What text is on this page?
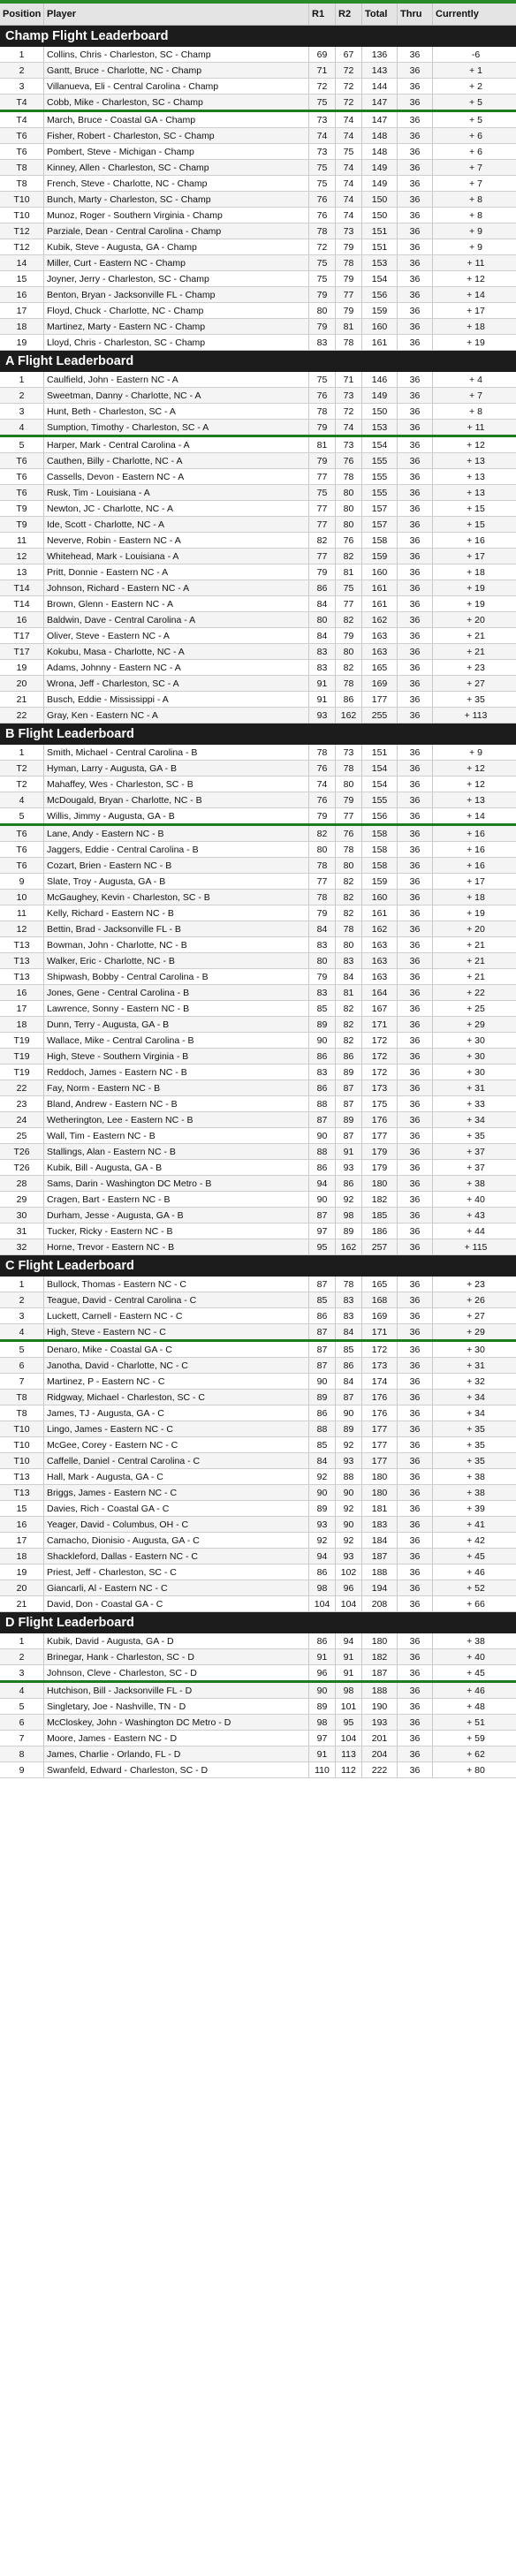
Position Player	R1	R2	Total	Thru	Currently
Champ Flight Leaderboard
1	Collins, Chris - Charleston, SC - Champ	69	67	136	36	-6
2	Gantt, Bruce - Charlotte, NC - Champ	71	72	143	36	+ 1
3	Villanueva, Eli - Central Carolina - Champ	72	72	144	36	+ 2
T4	Cobb, Mike - Charleston, SC - Champ	75	72	147	36	+ 5
T4	March, Bruce - Coastal GA - Champ	73	74	147	36	+ 5
T6	Fisher, Robert - Charleston, SC - Champ	74	74	148	36	+ 6
T6	Pombert, Steve - Michigan - Champ	73	75	148	36	+ 6
T8	Kinney, Allen - Charleston, SC - Champ	75	74	149	36	+ 7
T8	French, Steve - Charlotte, NC - Champ	75	74	149	36	+ 7
T10	Bunch, Marty - Charleston, SC - Champ	76	74	150	36	+ 8
T10	Munoz, Roger - Southern Virginia - Champ	76	74	150	36	+ 8
T12	Parziale, Dean - Central Carolina - Champ	78	73	151	36	+ 9
T12	Kubik, Steve - Augusta, GA - Champ	72	79	151	36	+ 9
14	Miller, Curt - Eastern NC - Champ	75	78	153	36	+ 11
15	Joyner, Jerry - Charleston, SC - Champ	75	79	154	36	+ 12
16	Benton, Bryan - Jacksonville FL - Champ	79	77	156	36	+ 14
17	Floyd, Chuck - Charlotte, NC - Champ	80	79	159	36	+ 17
18	Martinez, Marty - Eastern NC - Champ	79	81	160	36	+ 18
19	Lloyd, Chris - Charleston, SC - Champ	83	78	161	36	+ 19
A Flight Leaderboard
1	Caulfield, John - Eastern NC - A	75	71	146	36	+ 4
2	Sweetman, Danny - Charlotte, NC - A	76	73	149	36	+ 7
3	Hunt, Beth - Charleston, SC - A	78	72	150	36	+ 8
4	Sumption, Timothy - Charleston, SC - A	79	74	153	36	+ 11
5	Harper, Mark - Central Carolina - A	81	73	154	36	+ 12
T6	Cauthen, Billy - Charlotte, NC - A	79	76	155	36	+ 13
T6	Cassells, Devon - Eastern NC - A	77	78	155	36	+ 13
T6	Rusk, Tim - Louisiana - A	75	80	155	36	+ 13
T9	Newton, JC - Charlotte, NC - A	77	80	157	36	+ 15
T9	Ide, Scott - Charlotte, NC - A	77	80	157	36	+ 15
11	Neverve, Robin - Eastern NC - A	82	76	158	36	+ 16
12	Whitehead, Mark - Louisiana - A	77	82	159	36	+ 17
13	Pritt, Donnie - Eastern NC - A	79	81	160	36	+ 18
T14	Johnson, Richard - Eastern NC - A	86	75	161	36	+ 19
T14	Brown, Glenn - Eastern NC - A	84	77	161	36	+ 19
16	Baldwin, Dave - Central Carolina - A	80	82	162	36	+ 20
T17	Oliver, Steve - Eastern NC - A	84	79	163	36	+ 21
T17	Kokubu, Masa - Charlotte, NC - A	83	80	163	36	+ 21
19	Adams, Johnny - Eastern NC - A	83	82	165	36	+ 23
20	Wrona, Jeff - Charleston, SC - A	91	78	169	36	+ 27
21	Busch, Eddie - Mississippi - A	91	86	177	36	+ 35
22	Gray, Ken - Eastern NC - A	93	162	255	36	+ 113
B Flight Leaderboard
1	Smith, Michael - Central Carolina - B	78	73	151	36	+ 9
T2	Hyman, Larry - Augusta, GA - B	76	78	154	36	+ 12
T2	Mahaffey, Wes - Charleston, SC - B	74	80	154	36	+ 12
4	McDougald, Bryan - Charlotte, NC - B	76	79	155	36	+ 13
5	Willis, Jimmy - Augusta, GA - B	79	77	156	36	+ 14
T6	Lane, Andy - Eastern NC - B	82	76	158	36	+ 16
T6	Jaggers, Eddie - Central Carolina - B	80	78	158	36	+ 16
T6	Cozart, Brien - Eastern NC - B	78	80	158	36	+ 16
9	Slate, Troy - Augusta, GA - B	77	82	159	36	+ 17
10	McGaughey, Kevin - Charleston, SC - B	78	82	160	36	+ 18
11	Kelly, Richard - Eastern NC - B	79	82	161	36	+ 19
12	Bettin, Brad - Jacksonville FL - B	84	78	162	36	+ 20
T13	Bowman, John - Charlotte, NC - B	83	80	163	36	+ 21
T13	Walker, Eric - Charlotte, NC - B	80	83	163	36	+ 21
T13	Shipwash, Bobby - Central Carolina - B	79	84	163	36	+ 21
16	Jones, Gene - Central Carolina - B	83	81	164	36	+ 22
17	Lawrence, Sonny - Eastern NC - B	85	82	167	36	+ 25
18	Dunn, Terry - Augusta, GA - B	89	82	171	36	+ 29
T19	Wallace, Mike - Central Carolina - B	90	82	172	36	+ 30
T19	High, Steve - Southern Virginia - B	86	86	172	36	+ 30
T19	Reddoch, James - Eastern NC - B	83	89	172	36	+ 30
22	Fay, Norm - Eastern NC - B	86	87	173	36	+ 31
23	Bland, Andrew - Eastern NC - B	88	87	175	36	+ 33
24	Wetherington, Lee - Eastern NC - B	87	89	176	36	+ 34
25	Wall, Tim - Eastern NC - B	90	87	177	36	+ 35
T26	Stallings, Alan - Eastern NC - B	88	91	179	36	+ 37
T26	Kubik, Bill - Augusta, GA - B	86	93	179	36	+ 37
28	Sams, Darin - Washington DC Metro - B	94	86	180	36	+ 38
29	Cragen, Bart - Eastern NC - B	90	92	182	36	+ 40
30	Durham, Jesse - Augusta, GA - B	87	98	185	36	+ 43
31	Tucker, Ricky - Eastern NC - B	97	89	186	36	+ 44
32	Horne, Trevor - Eastern NC - B	95	162	257	36	+ 115
C Flight Leaderboard
1	Bullock, Thomas - Eastern NC - C	87	78	165	36	+ 23
2	Teague, David - Central Carolina - C	85	83	168	36	+ 26
3	Luckett, Carnell - Eastern NC - C	86	83	169	36	+ 27
4	High, Steve - Eastern NC - C	87	84	171	36	+ 29
5	Denaro, Mike - Coastal GA - C	87	85	172	36	+ 30
6	Janotha, David - Charlotte, NC - C	87	86	173	36	+ 31
7	Martinez, P - Eastern NC - C	90	84	174	36	+ 32
T8	Ridgway, Michael - Charleston, SC - C	89	87	176	36	+ 34
T8	James, TJ - Augusta, GA - C	86	90	176	36	+ 34
T10	Lingo, James - Eastern NC - C	88	89	177	36	+ 35
T10	McGee, Corey - Eastern NC - C	85	92	177	36	+ 35
T10	Caffelle, Daniel - Central Carolina - C	84	93	177	36	+ 35
T13	Hall, Mark - Augusta, GA - C	92	88	180	36	+ 38
T13	Briggs, James - Eastern NC - C	90	90	180	36	+ 38
15	Davies, Rich - Coastal GA - C	89	92	181	36	+ 39
16	Yeager, David - Columbus, OH - C	93	90	183	36	+ 41
17	Camacho, Dionisio - Augusta, GA - C	92	92	184	36	+ 42
18	Shackleford, Dallas - Eastern NC - C	94	93	187	36	+ 45
19	Priest, Jeff - Charleston, SC - C	86	102	188	36	+ 46
20	Giancarli, Al - Eastern NC - C	98	96	194	36	+ 52
21	David, Don - Coastal GA - C	104	104	208	36	+ 66
D Flight Leaderboard
1	Kubik, David - Augusta, GA - D	86	94	180	36	+ 38
2	Brinegar, Hank - Charleston, SC - D	91	91	182	36	+ 40
3	Johnson, Cleve - Charleston, SC - D	96	91	187	36	+ 45
4	Hutchison, Bill - Jacksonville FL - D	90	98	188	36	+ 46
5	Singletary, Joe - Nashville, TN - D	89	101	190	36	+ 48
6	McCloskey, John - Washington DC Metro - D	98	95	193	36	+ 51
7	Moore, James - Eastern NC - D	97	104	201	36	+ 59
8	James, Charlie - Orlando, FL - D	91	113	204	36	+ 62
9	Swanfeld, Edward - Charleston, SC - D	110	112	222	36	+ 80
